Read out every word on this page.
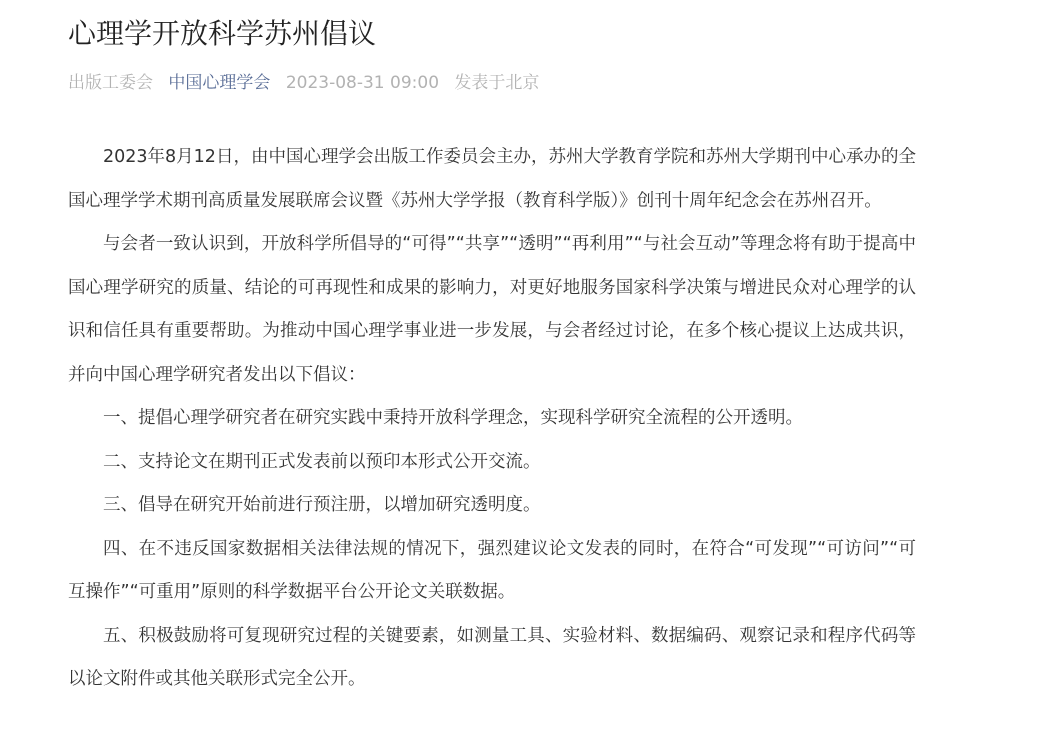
心理学开放科学苏州倡议
出版工委会 中国心理学会 2023-08-31 09:00 发表于北京

2023年8月12日，由中国心理学会出版工作委员会主办，苏州大学教育学院和苏州大学期刊中心承办的全国心理学学术期刊高质量发展联席会议暨《苏州大学学报（教育科学版）》创刊十周年纪念会在苏州召开。

与会者一致认识到，开放科学所倡导的“可得”“共享”“透明”“再利用”“与社会互动”等理念将有助于提高中国心理学研究的质量、结论的可再现性和成果的影响力，对更好地服务国家科学决策与增进民众对心理学的认识和信任具有重要帮助。为推动中国心理学事业进一步发展，与会者经过讨论，在多个核心提议上达成共识，并向中国心理学研究者发出以下倡议：

一、提倡心理学研究者在研究实践中秉持开放科学理念，实现科学研究全流程的公开透明。

二、支持论文在期刊正式发表前以预印本形式公开交流。

三、倡导在研究开始前进行预注册，以增加研究透明度。

四、在不违反国家数据相关法律法规的情况下，强烈建议论文发表的同时，在符合“可发现”“可访问”“可互操作”“可重用”原则的科学数据平台公开论文关联数据。

五、积极鼓励将可复现研究过程的关键要素，如测量工具、实验材料、数据编码、观察记录和程序代码等以论文附件或其他关联形式完全公开。
